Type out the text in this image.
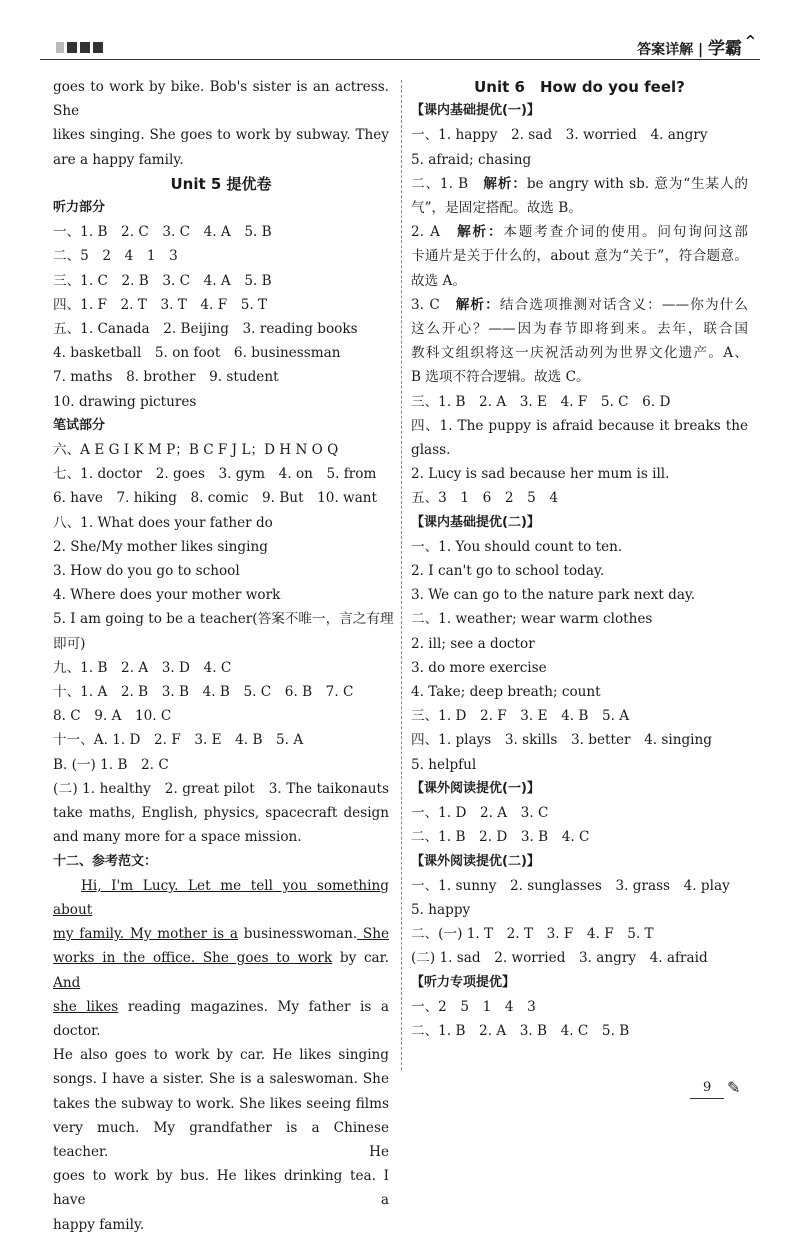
答案详解 | 学霸 ⌃
goes to work by bike. Bob's sister is an actress. She
likes singing. She goes to work by subway. They
are a happy family.
Unit 5 提优卷
听力部分
一、1. B　2. C　3. C　4. A　5. B
二、5　2　4　1　3
三、1. C　2. B　3. C　4. A　5. B
四、1. F　2. T　3. T　4. F　5. T
五、1. Canada　2. Beijing　3. reading books
4. basketball　5. on foot　6. businessman
7. maths　8. brother　9. student
10. drawing pictures
笔试部分
六、A E G I K M P；B C F J L；D H N O Q
七、1. doctor　2. goes　3. gym　4. on　5. from
6. have　7. hiking　8. comic　9. But　10. want
八、1. What does your father do
2. She/My mother likes singing
3. How do you go to school
4. Where does your mother work
5. I am going to be a teacher(答案不唯一，言之有理
即可)
九、1. B　2. A　3. D　4. C
十、1. A　2. B　3. B　4. B　5. C　6. B　7. C
8. C　9. A　10. C
十一、A. 1. D　2. F　3. E　4. B　5. A
B. (一) 1. B　2. C
(二) 1. healthy　2. great pilot　3. The taikonauts
take maths, English, physics, spacecraft design
and many more for a space mission.
十二、参考范文：
Hi, I'm Lucy. Let me tell you something about
my family. My mother is a businesswoman. She
works in the office. She goes to work by car. And
she likes reading magazines. My father is a doctor.
He also goes to work by car. He likes singing
songs. I have a sister. She is a saleswoman. She
takes the subway to work. She likes seeing films
very much. My grandfather is a Chinese teacher. He
goes to work by bus. He likes drinking tea. I have a
happy family.
Unit 6　How do you feel?
【课内基础提优(一)】
一、1. happy　2. sad　3. worried　4. angry
5. afraid; chasing
二、1. B　解析：be angry with sb. 意为“生某人的
气”，是固定搭配。故选 B。
2. A　解析：本题考查介词的使用。问句询问这部
卡通片是关于什么的，about 意为“关于”，符合题意。
故选 A。
3. C　解析：结合选项推测对话含义：——你为什么
这么开心？——因为春节即将到来。去年，联合国
教科文组织将这一庆祝活动列为世界文化遗产。A、
B 选项不符合逻辑。故选 C。
三、1. B　2. A　3. E　4. F　5. C　6. D
四、1. The puppy is afraid because it breaks the
glass.
2. Lucy is sad because her mum is ill.
五、3　1　6　2　5　4
【课内基础提优(二)】
一、1. You should count to ten.
2. I can't go to school today.
3. We can go to the nature park next day.
二、1. weather; wear warm clothes
2. ill; see a doctor
3. do more exercise
4. Take; deep breath; count
三、1. D　2. F　3. E　4. B　5. A
四、1. plays　3. skills　3. better　4. singing
5. helpful
【课外阅读提优(一)】
一、1. D　2. A　3. C
二、1. B　2. D　3. B　4. C
【课外阅读提优(二)】
一、1. sunny　2. sunglasses　3. grass　4. play
5. happy
二、(一) 1. T　2. T　3. F　4. F　5. T
(二) 1. sad　2. worried　3. angry　4. afraid
【听力专项提优】
一、2　5　1　4　3
二、1. B　2. A　3. B　4. C　5. B
9 ✎
